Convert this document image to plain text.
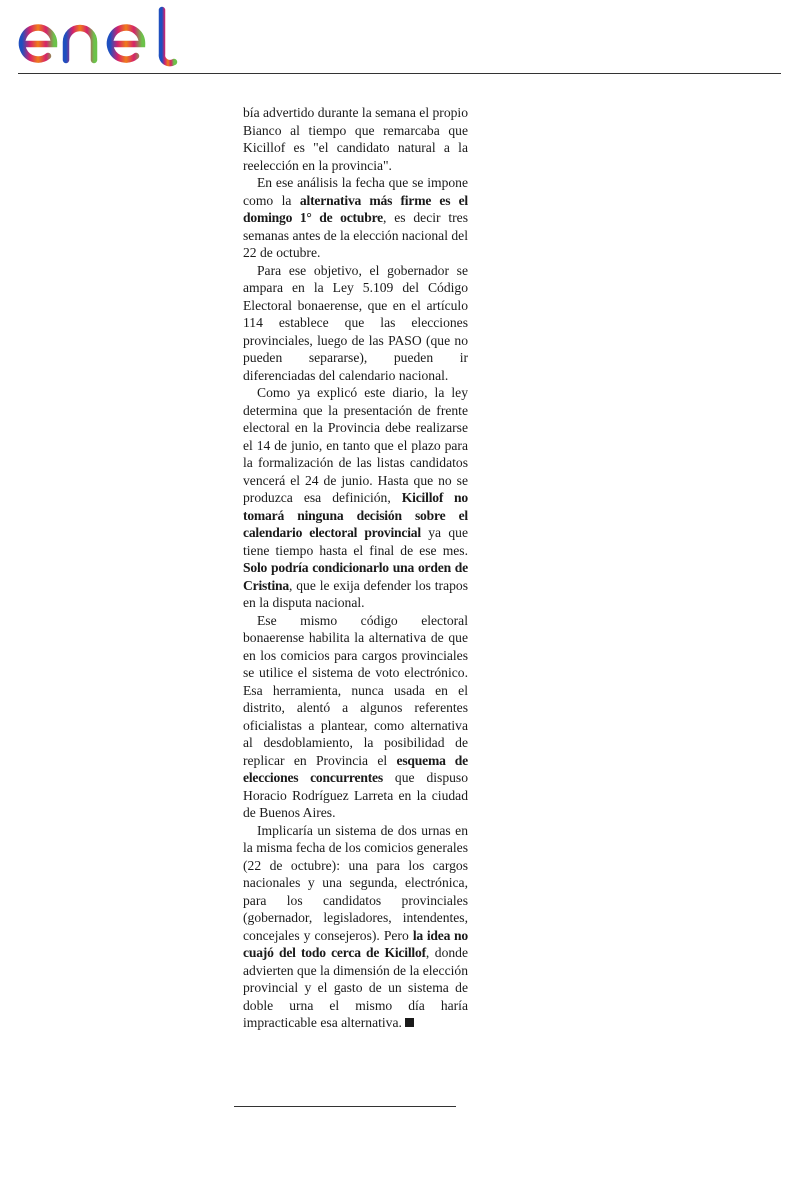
bía advertido durante la semana el propio Bianco al tiempo que remarcaba que Kicillof es "el candidato natural a la reelección en la provincia".

En ese análisis la fecha que se impone como la alternativa más firme es el domingo 1° de octubre, es decir tres semanas antes de la elección nacional del 22 de octubre.

Para ese objetivo, el gobernador se ampara en la Ley 5.109 del Código Electoral bonaerense, que en el artículo 114 establece que las elecciones provinciales, luego de las PASO (que no pueden separarse), pueden ir diferenciadas del calendario nacional.

Como ya explicó este diario, la ley determina que la presentación de frente electoral en la Provincia debe realizarse el 14 de junio, en tanto que el plazo para la formalización de las listas candidatos vencerá el 24 de junio. Hasta que no se produzca esa definición, Kicillof no tomará ninguna decisión sobre el calendario electoral provincial ya que tiene tiempo hasta el final de ese mes. Solo podría condicionarlo una orden de Cristina, que le exija defender los trapos en la disputa nacional.

Ese mismo código electoral bonaerense habilita la alternativa de que en los comicios para cargos provinciales se utilice el sistema de voto electrónico. Esa herramienta, nunca usada en el distrito, alentó a algunos referentes oficialistas a plantear, como alternativa al desdoblamiento, la posibilidad de replicar en Provincia el esquema de elecciones concurrentes que dispuso Horacio Rodríguez Larreta en la ciudad de Buenos Aires.

Implicaría un sistema de dos urnas en la misma fecha de los comicios generales (22 de octubre): una para los cargos nacionales y una segunda, electrónica, para los candidatos provinciales (gobernador, legisladores, intendentes, concejales y consejeros). Pero la idea no cuajó del todo cerca de Kicillof, donde advierten que la dimensión de la elección provincial y el gasto de un sistema de doble urna el mismo día haría impracticable esa alternativa.
